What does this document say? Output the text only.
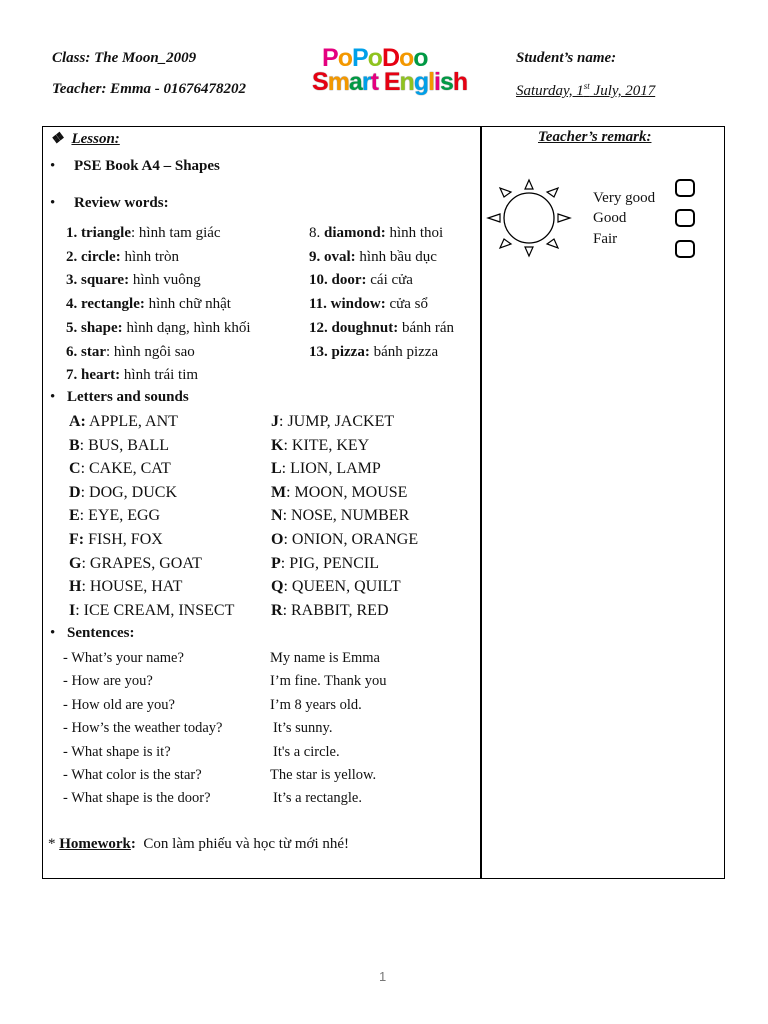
Class: The Moon_2009
Teacher: Emma - 01676478202
Student’s name:
Saturday, 1st July, 2017
PoPoDoo
Smart English
❖ Lesson:
• PSE Book A4 – Shapes
• Review words:
1. triangle: hình tam giác
2. circle: hình tròn
3. square: hình vuông
4. rectangle: hình chữ nhật
5. shape: hình dạng, hình khối
6. star: hình ngôi sao
7. heart: hình trái tim
8. diamond: hình thoi
9. oval: hình bầu dục
10. door: cái cửa
11. window: cửa sổ
12. doughnut: bánh rán
13. pizza: bánh pizza
• Letters and sounds
A: APPLE, ANT
B: BUS, BALL
C: CAKE, CAT
D: DOG, DUCK
E: EYE, EGG
F: FISH, FOX
G: GRAPES, GOAT
H: HOUSE, HAT
I: ICE CREAM, INSECT
J: JUMP, JACKET
K: KITE, KEY
L: LION, LAMP
M: MOON, MOUSE
N: NOSE, NUMBER
O: ONION, ORANGE
P: PIG, PENCIL
Q: QUEEN, QUILT
R: RABBIT, RED
• Sentences:
- What’s your name?	My name is Emma
- How are you?	I’m fine. Thank you
- How old are you?	I’m 8 years old.
- How’s the weather today?	It’s sunny.
- What shape is it?	It's a circle.
- What color is the star?	The star is yellow.
- What shape is the door?	It’s a rectangle.
* Homework: Con làm phiếu và học từ mới nhé!
Teacher’s remark:
Very good
Good
Fair
1
